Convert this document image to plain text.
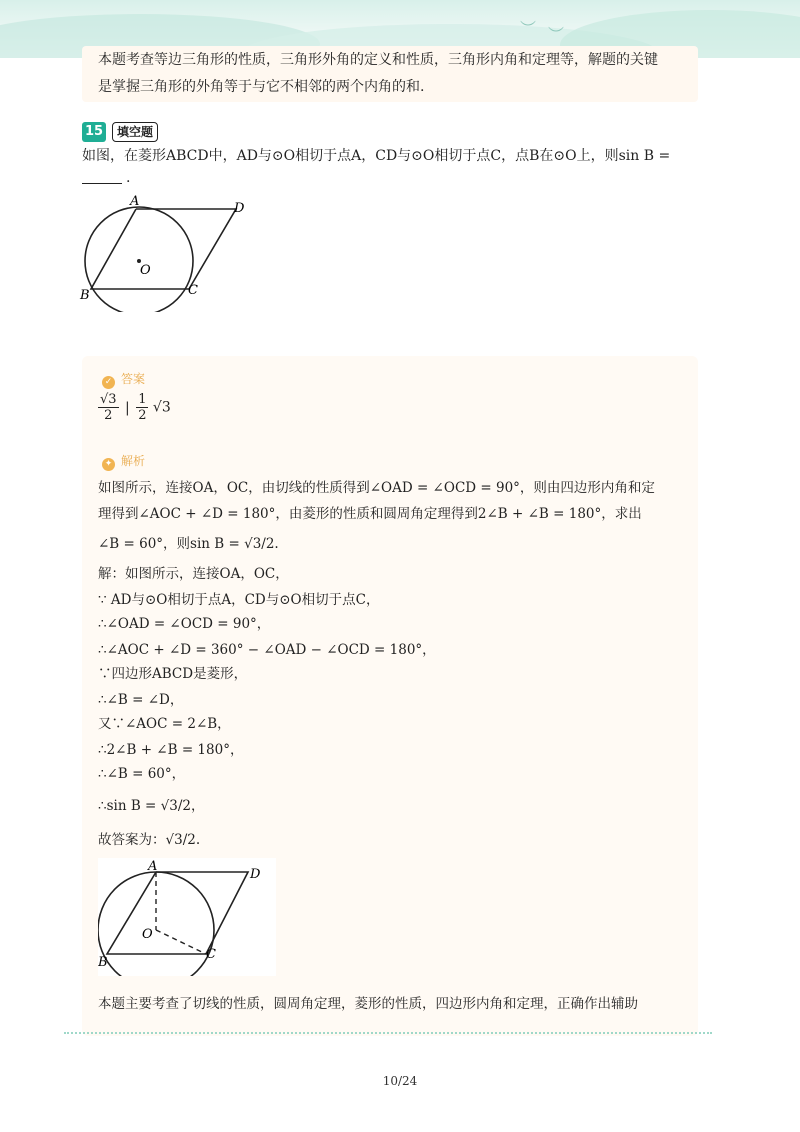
︶ ︶
本题考查等边三角形的性质，三角形外角的定义和性质，三角形内角和定理等，解题的关键
是掌握三角形的外角等于与它不相邻的两个内角的和.
15	填空题
如图，在菱形ABCD中，AD与⊙O相切于点A，CD与⊙O相切于点C，点B在⊙O上，则sin B =
.
A	D
B	C
O
✓ 答案
$\frac{√3}{2}$ | $\frac{1}{2} √3$
✦ 解析
如图所示，连接OA，OC，由切线的性质得到∠OAD = ∠OCD = 90°，则由四边形内角和定
理得到∠AOC + ∠D = 180°，由菱形的性质和圆周角定理得到2∠B + ∠B = 180°，求出
∠B = 60°，则sin B = √3/2.
解：如图所示，连接OA，OC，
∵ AD与⊙O相切于点A，CD与⊙O相切于点C，
∴∠OAD = ∠OCD = 90°，
∴∠AOC + ∠D = 360° − ∠OAD − ∠OCD = 180°，
∵四边形ABCD是菱形，
∴∠B = ∠D，
又∵∠AOC = 2∠B，
∴2∠B + ∠B = 180°，
∴∠B = 60°，
∴sin B = √3/2，
故答案为：√3/2.
A
D
B
C
O
本题主要考查了切线的性质，圆周角定理，菱形的性质，四边形内角和定理，正确作出辅助
10/24
